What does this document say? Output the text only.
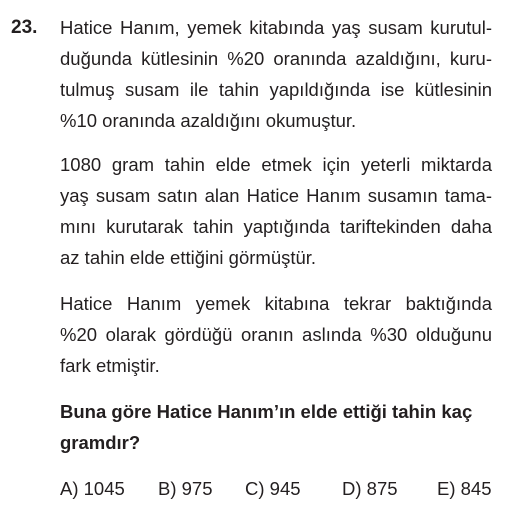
23. Hatice Hanım, yemek kitabında yaş susam kurutul-
duğunda kütlesinin %20 oranında azaldığını, kuru-
tulmuş susam ile tahin yapıldığında ise kütlesinin
%10 oranında azaldığını okumuştur.

1080 gram tahin elde etmek için yeterli miktarda
yaş susam satın alan Hatice Hanım susamın tama-
mını kurutarak tahin yaptığında tariftekinden daha
az tahin elde ettiğini görmüştür.

Hatice Hanım yemek kitabına tekrar baktığında
%20 olarak gördüğü oranın aslında %30 olduğunu
fark etmiştir.

Buna göre Hatice Hanım’ın elde ettiği tahin kaç
gramdır?

A) 1045 B) 975 C) 945 D) 875 E) 845
